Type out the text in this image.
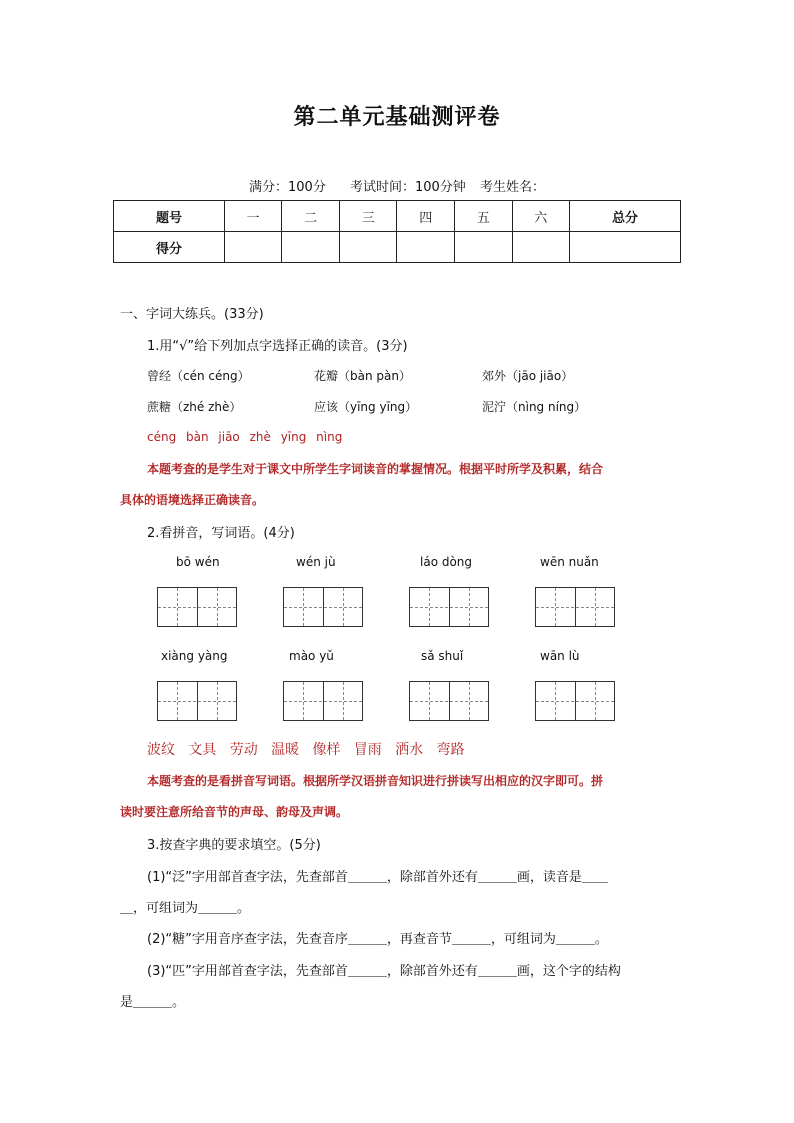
第二单元基础测评卷
满分：100分 考试时间：100分钟 考生姓名：
题号	一	二	三	四	五	六	总分
得分							
一、字词大练兵。(33分)
1.用“√”给下列加点字选择正确的读音。(3分)
曾经（cén céng）	花瓣（bàn pàn）	郊外（jāo jiāo）
蔗糖（zhé zhè）	应该（yīng yīng）	泥泞（nìng níng）
céng bàn jiāo zhè yīng nìng
本题考查的是学生对于课文中所学生字词读音的掌握情况。根据平时所学及积累，结合
具体的语境选择正确读音。
2.看拼音，写词语。(4分)
bō wén	wén jù	láo dòng	wēn nuǎn
xiàng yàng	mào yǔ	sǎ shuǐ	wān lù
波纹 文具 劳动 温暖 像样 冒雨 洒水 弯路
本题考查的是看拼音写词语。根据所学汉语拼音知识进行拼读写出相应的汉字即可。拼
读时要注意所给音节的声母、韵母及声调。
3.按查字典的要求填空。(5分)
(1)“泛”字用部首查字法，先查部首＿＿＿，除部首外还有＿＿＿画，读音是＿＿
＿，可组词为＿＿＿。
(2)“糖”字用音序查字法，先查音序＿＿＿，再查音节＿＿＿，可组词为＿＿＿。
(3)“匹”字用部首查字法，先查部首＿＿＿，除部首外还有＿＿＿画，这个字的结构
是＿＿＿。
